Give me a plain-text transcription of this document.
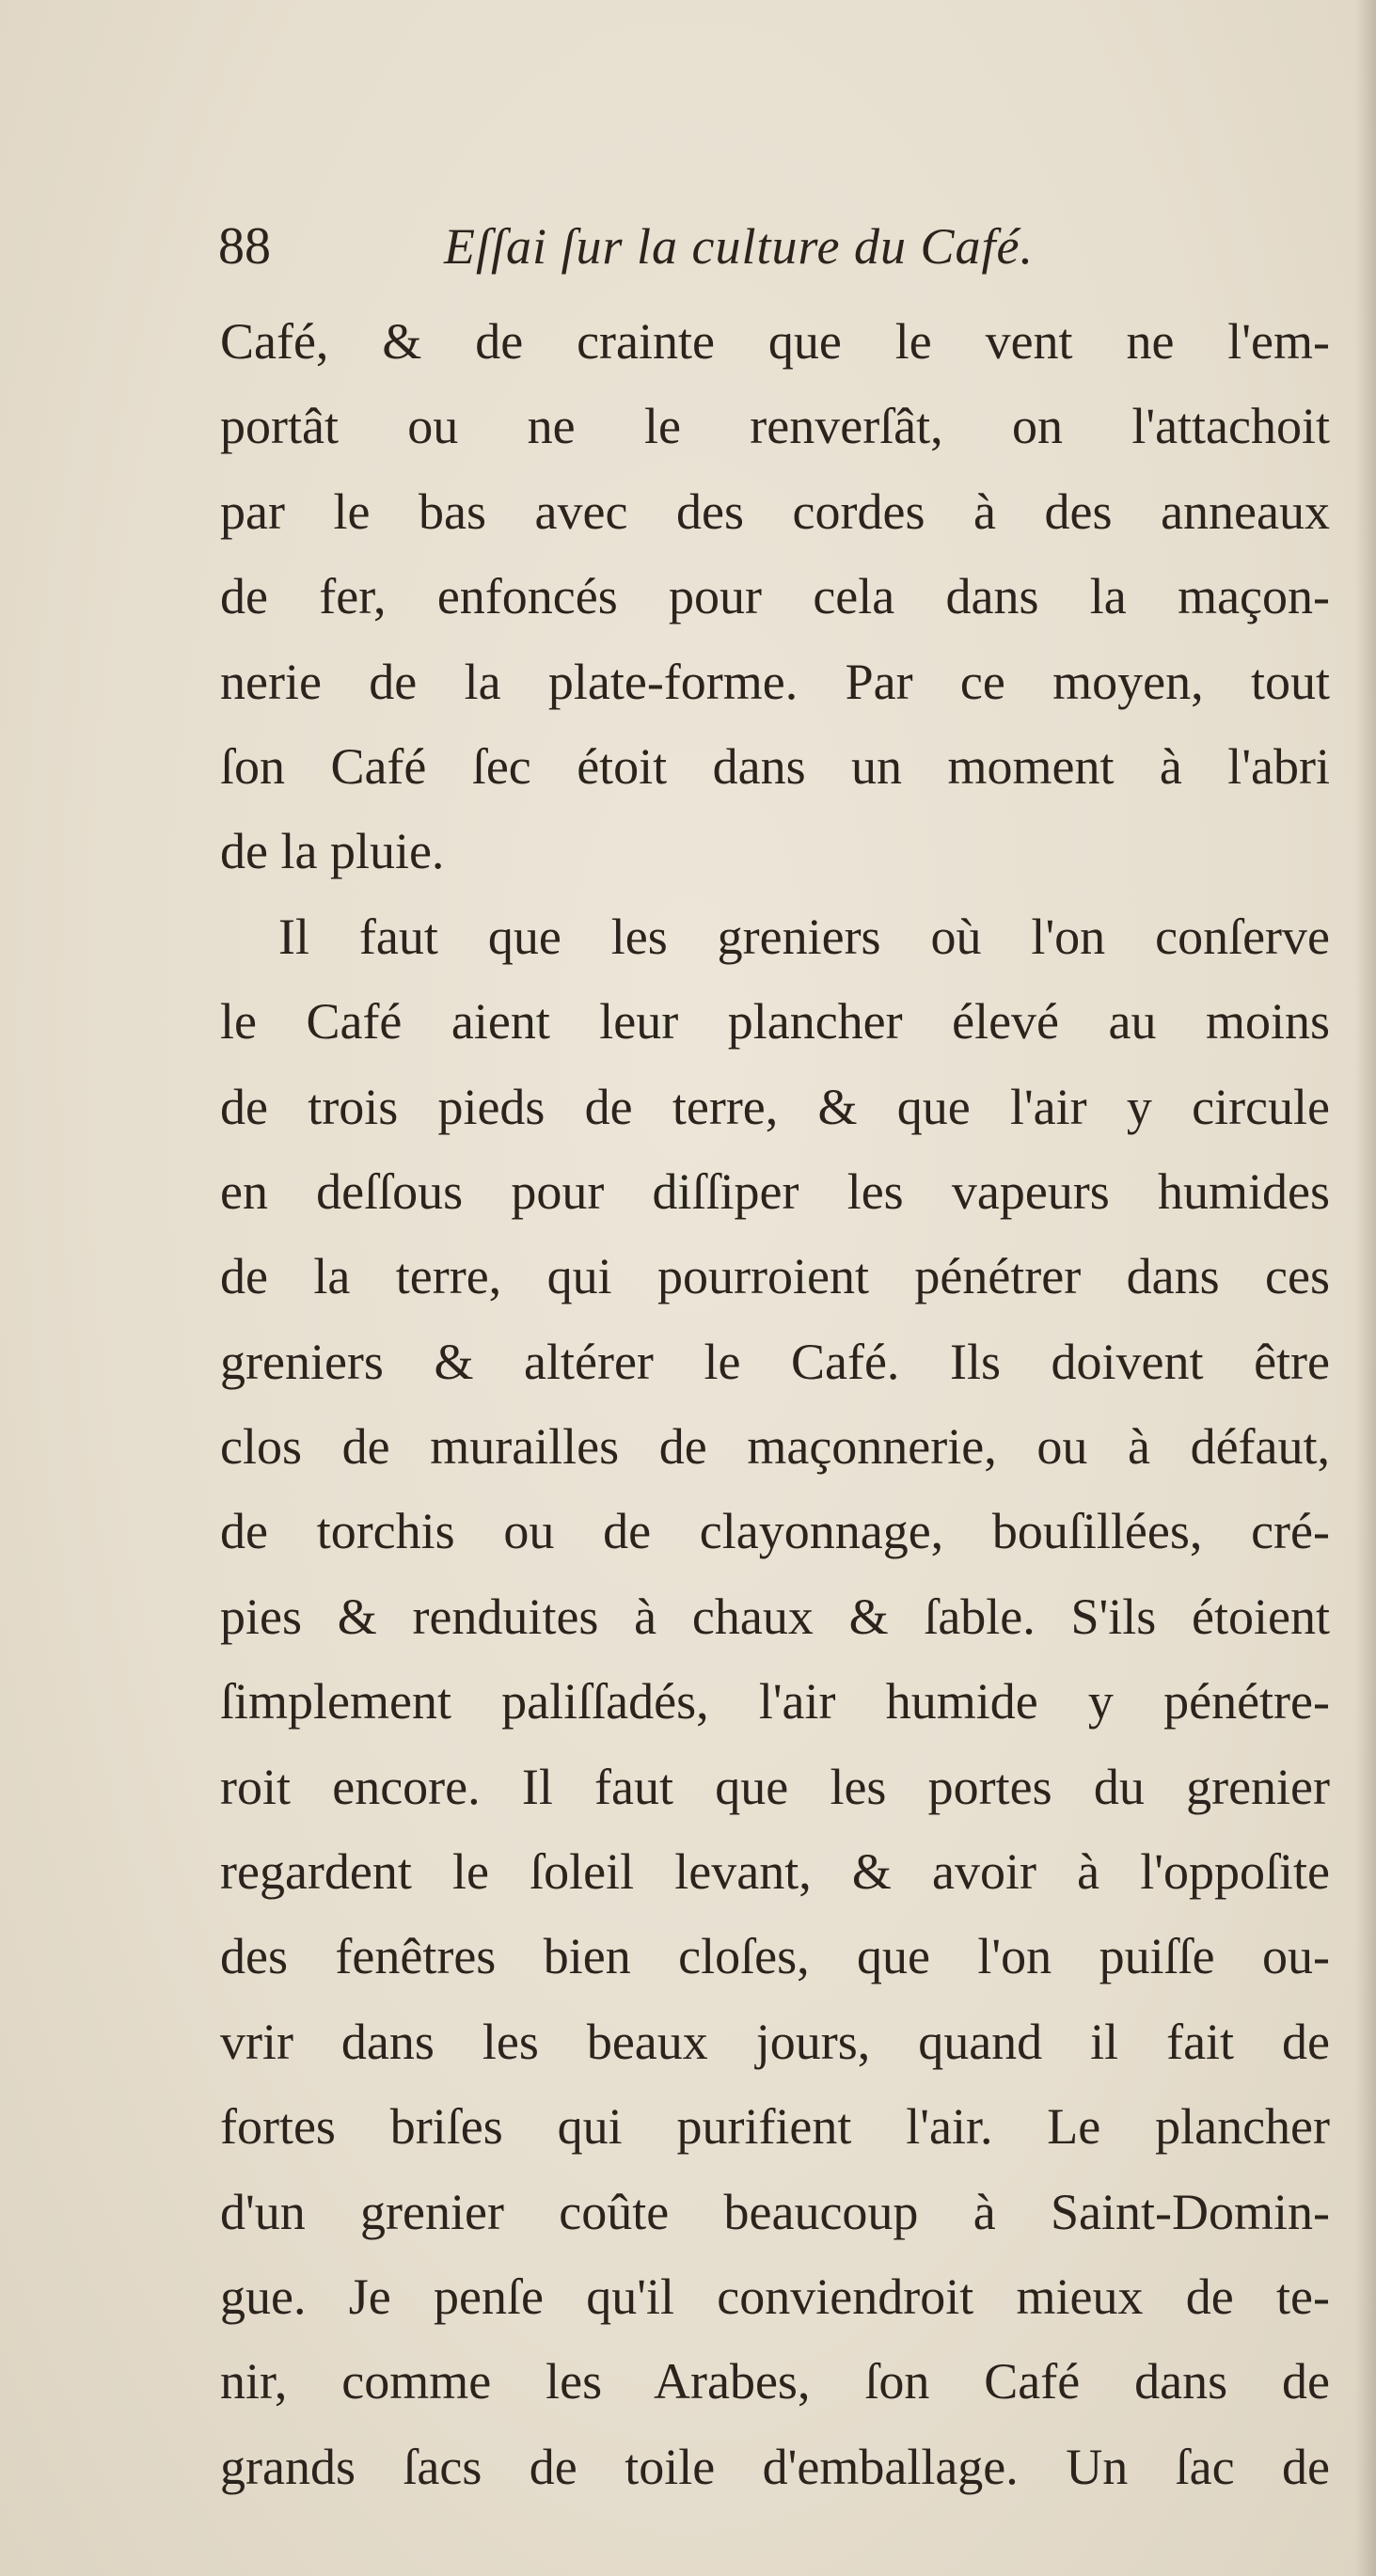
88	Eſſai ſur la culture du Café.
Café, & de crainte que le vent ne l'em-
portât ou ne le renverſât, on l'attachoit
par le bas avec des cordes à des anneaux
de fer, enfoncés pour cela dans la maçon-
nerie de la plate-forme. Par ce moyen, tout
ſon Café ſec étoit dans un moment à l'abri
de la pluie.
Il faut que les greniers où l'on conſerve
le Café aient leur plancher élevé au moins
de trois pieds de terre, & que l'air y circule
en deſſous pour diſſiper les vapeurs humides
de la terre, qui pourroient pénétrer dans ces
greniers & altérer le Café. Ils doivent être
clos de murailles de maçonnerie, ou à défaut,
de torchis ou de clayonnage, bouſillées, cré-
pies & renduites à chaux & ſable. S'ils étoient
ſimplement paliſſadés, l'air humide y pénétre-
roit encore. Il faut que les portes du grenier
regardent le ſoleil levant, & avoir à l'oppoſite
des fenêtres bien cloſes, que l'on puiſſe ou-
vrir dans les beaux jours, quand il fait de
fortes briſes qui purifient l'air. Le plancher
d'un grenier coûte beaucoup à Saint-Domin-
gue. Je penſe qu'il conviendroit mieux de te-
nir, comme les Arabes, ſon Café dans de
grands ſacs de toile d'emballage. Un ſac de
